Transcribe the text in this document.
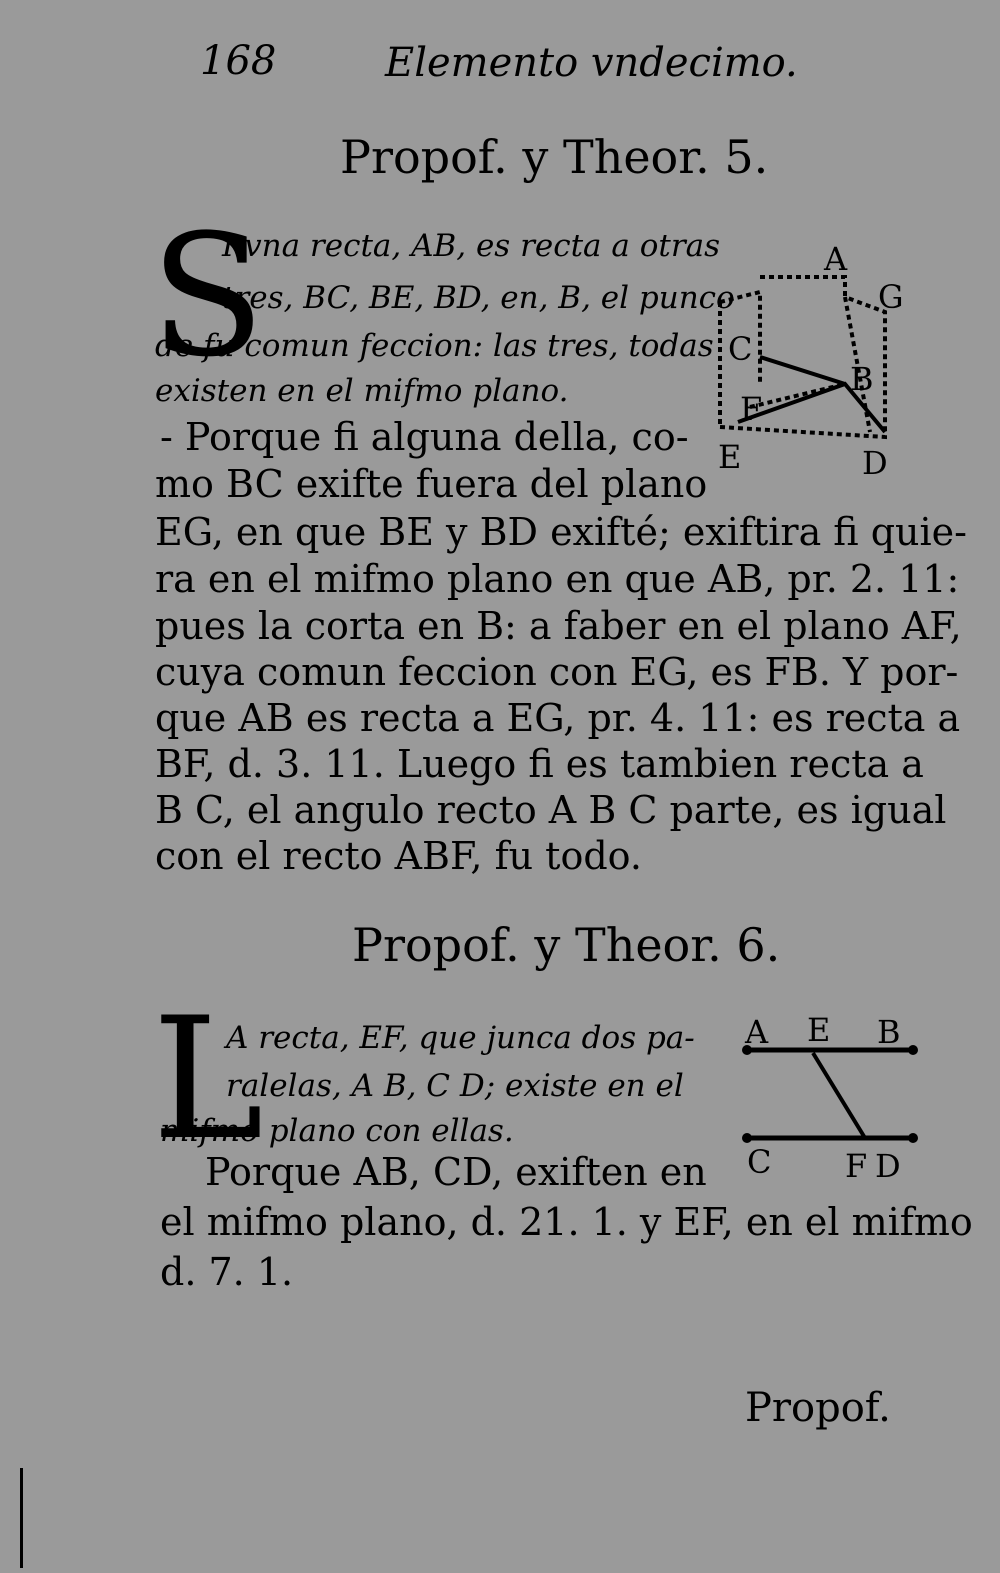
168	Elemento vndecimo.
Propof. y Theor. 5.
S
I vna recta, AB, es recta a otras
tres, BC, BE, BD, en, B, el punco
de fu comun feccion: las tres, todas
existen en el mifmo plano.
- Porque fi alguna della, co-
mo BC exifte fuera del plano
EG, en que BE y BD exifté; exiftira fi quie-
ra en el mifmo plano en que AB, pr. 2. 11:
pues la corta en B: a faber en el plano AF,
cuya comun feccion con EG, es FB. Y por-
que AB es recta a EG, pr. 4. 11: es recta a
BF, d. 3. 11. Luego fi es tambien recta a
B C, el angulo recto A B C parte, es igual
con el recto ABF, fu todo.
A
G
C
B
F
E	D
Propof. y Theor. 6.
L
A recta, EF, que junca dos pa-
ralelas, A B, C D; existe en el
mifmo plano con ellas.
Porque AB, CD, exiften en
el mifmo plano, d. 21. 1. y EF, en el mifmo
d. 7. 1.
A E B
C F D
Propof.
